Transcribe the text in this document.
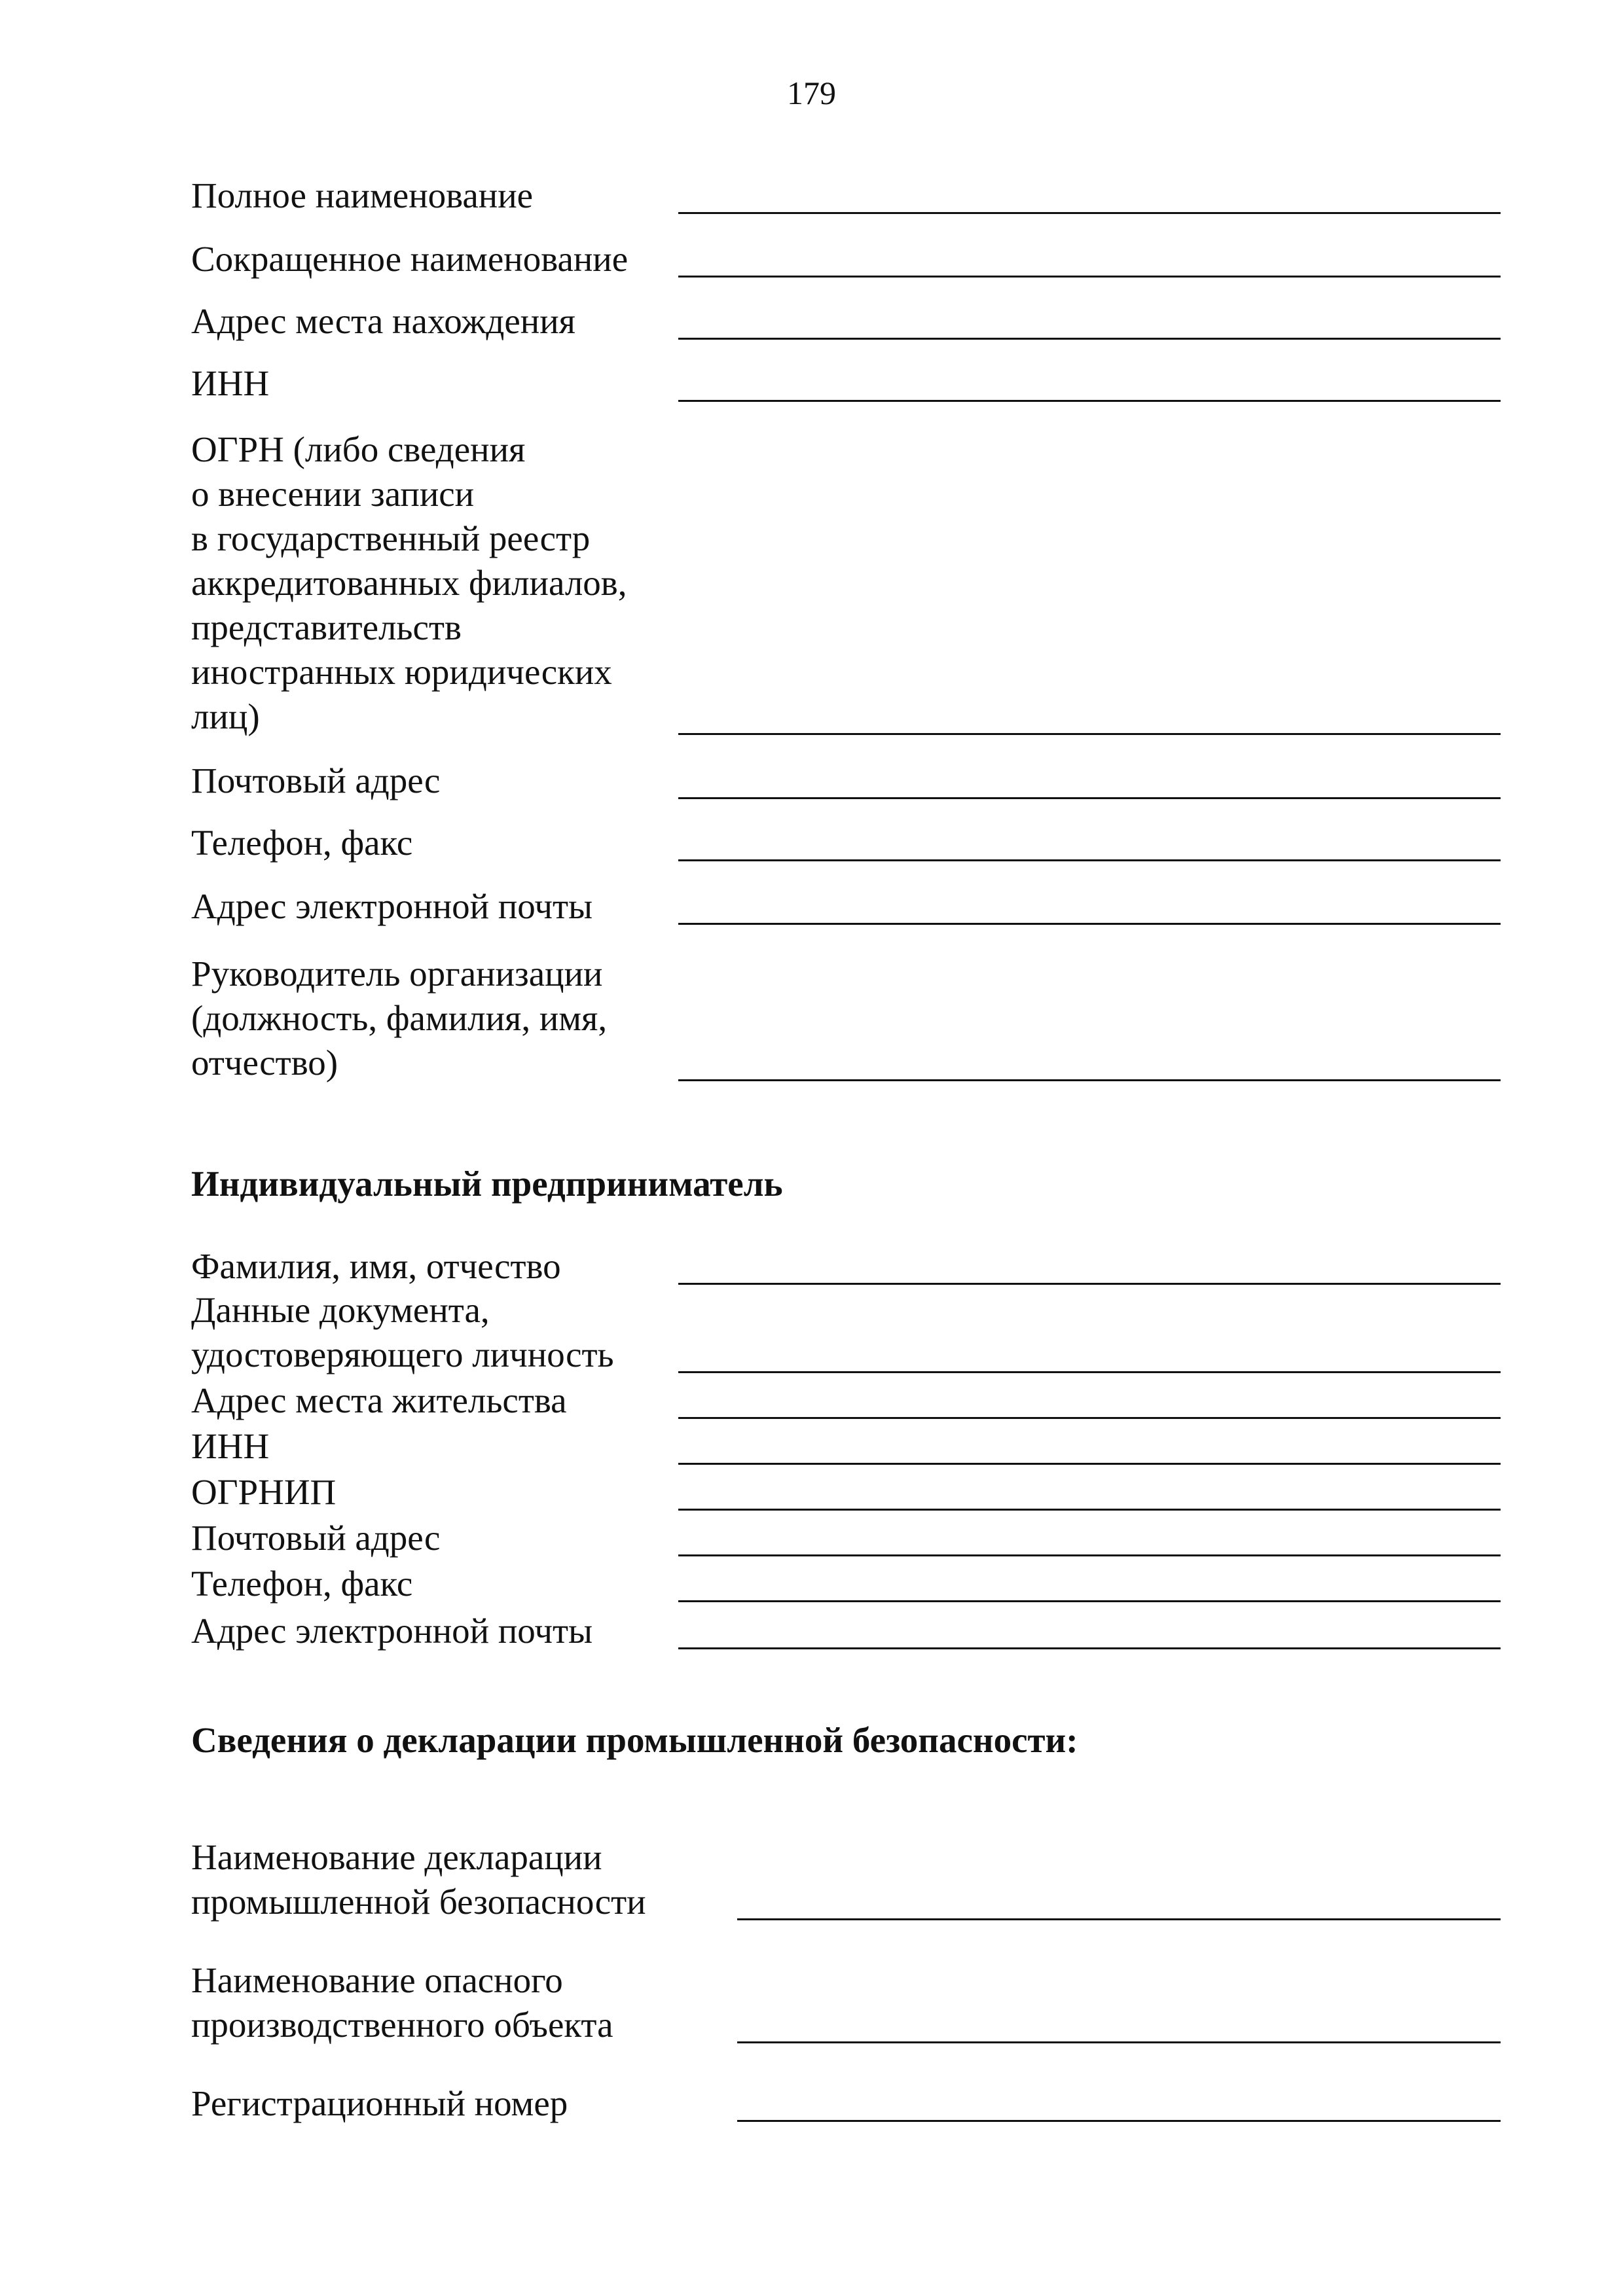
179
Полное наименование
Сокращенное наименование
Адрес места нахождения
ИНН
ОГРН (либо сведения
о внесении записи
в государственный реестр
аккредитованных филиалов,
представительств
иностранных юридических
лиц)
Почтовый адрес
Телефон, факс
Адрес электронной почты
Руководитель организации
(должность, фамилия, имя,
отчество)
Индивидуальный предприниматель
Фамилия, имя, отчество
Данные документа,
удостоверяющего личность
Адрес места жительства
ИНН
ОГРНИП
Почтовый адрес
Телефон, факс
Адрес электронной почты
Сведения о декларации промышленной безопасности:
Наименование декларации
промышленной безопасности
Наименование опасного
производственного объекта
Регистрационный номер
